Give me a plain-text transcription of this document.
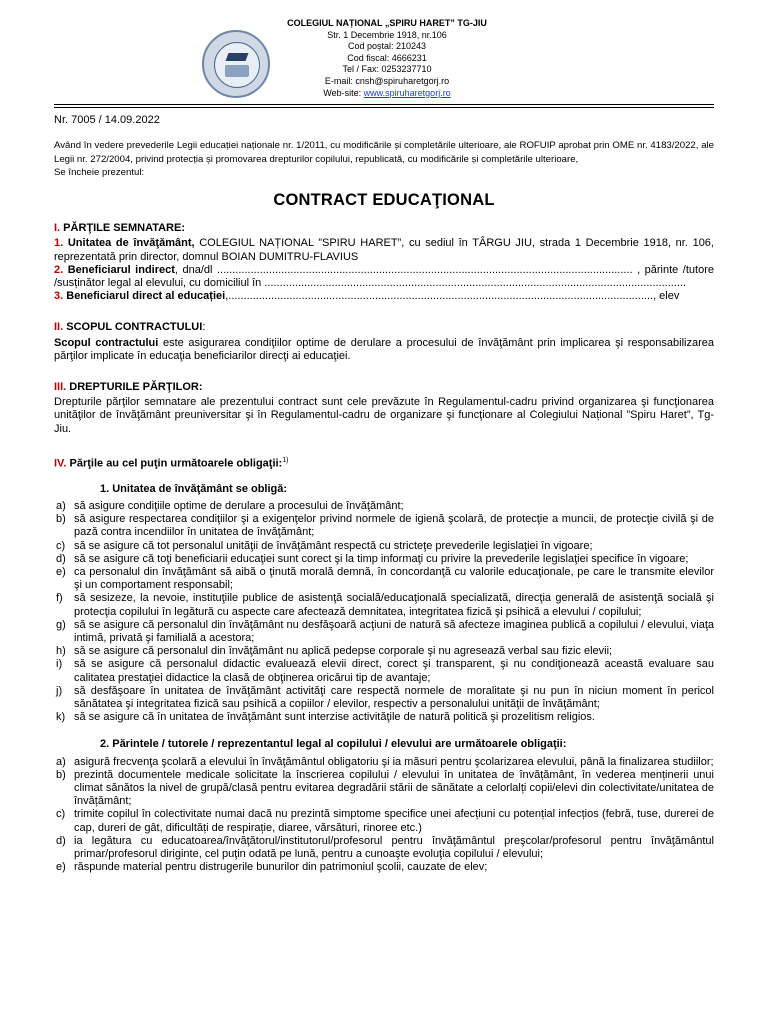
COLEGIUL NAȚIONAL „SPIRU HARET” TG-JIU
Str. 1 Decembrie 1918, nr.106
Cod poștal: 210243
Cod fiscal: 4666231
Tel / Fax: 0253237710
E-mail: cnsh@spiruharetgorj.ro
Web-site: www.spiruharetgorj.ro

Nr. 7005 / 14.09.2022

Având în vedere prevederile Legii educației naționale nr. 1/2011, cu modificările și completările ulterioare, ale ROFUIP aprobat prin OME nr. 4183/2022, ale Legii nr. 272/2004, privind protecția și promovarea drepturilor copilului, republicată, cu modificările și completările ulterioare,

Se încheie prezentul:

CONTRACT EDUCAŢIONAL
I. PĂRŢILE SEMNATARE:

1. Unitatea de învăţământ, COLEGIUL NAȚIONAL ”SPIRU HARET”, cu sediul în TÂRGU JIU, strada 1 Decembrie 1918, nr. 106, reprezentată prin director, domnul BOIAN DUMITRU-FLAVIUS

2. Beneficiarul indirect, dna/dl ........................................................................................................................................ , părinte /tutore /susținător legal al elevului, cu domiciliul în ..........................................................................................................................................

3. Beneficiarul direct al educației,..........................................................................................................................................., elev

II. SCOPUL CONTRACTULUI:

Scopul contractului este asigurarea condiţiilor optime de derulare a procesului de învăţământ prin implicarea şi responsabilizarea părţilor implicate în educaţia beneficiarilor direcţi ai educaţiei.

III. DREPTURILE PĂRŢILOR:

Drepturile părţilor semnatare ale prezentului contract sunt cele prevăzute în Regulamentul-cadru privind organizarea şi funcţionarea unităţilor de învăţământ preuniversitar şi în Regulamentul-cadru de organizare şi funcţionare al Colegiului Național ”Spiru Haret”, Tg-Jiu.

IV. Părţile au cel puţin următoarele obligaţii:$^{1)}$
1. Unitatea de învăţământ se obligă:
a) să asigure condiţiile optime de derulare a procesului de învăţământ;
b) să asigure respectarea condiţiilor şi a exigenţelor privind normele de igienă şcolară, de protecţie a muncii, de protecţie civilă şi de pază contra incendiilor în unitatea de învăţământ;
c) să se asigure că tot personalul unităţii de învăţământ respectă cu stricteţe prevederile legislaţiei în vigoare;
d) să se asigure că toţi beneficiarii educaţiei sunt corect şi la timp informaţi cu privire la prevederile legislaţiei specifice în vigoare;
e) ca personalul din învăţământ să aibă o ţinută morală demnă, în concordanţă cu valorile educaţionale, pe care le transmite elevilor şi un comportament responsabil;
f) să sesizeze, la nevoie, instituţiile publice de asistenţă socială/educaţională specializată, direcţia generală de asistenţă socială şi protecţia copilului în legătură cu aspecte care afectează demnitatea, integritatea fizică şi psihică a elevului / copilului;
g) să se asigure că personalul din învăţământ nu desfăşoară acţiuni de natură să afecteze imaginea publică a copilului / elevului, viaţa intimă, privată şi familială a acestora;
h) să se asigure că personalul din învăţământ nu aplică pedepse corporale şi nu agresează verbal sau fizic elevii;
i) să se asigure că personalul didactic evaluează elevii direct, corect şi transparent, şi nu condiţionează această evaluare sau calitatea prestaţiei didactice la clasă de obţinerea oricărui tip de avantaje;
j) să desfăşoare în unitatea de învăţământ activităţi care respectă normele de moralitate şi nu pun în niciun moment în pericol sănătatea şi integritatea fizică sau psihică a copiilor / elevilor, respectiv a personalului unităţii de învăţământ;
k) să se asigure că în unitatea de învăţământ sunt interzise activităţile de natură politică şi prozelitism religios.
2. Părintele / tutorele / reprezentantul legal al copilului / elevului are următoarele obligaţii:
a) asigură frecvenţa şcolară a elevului în învăţământul obligatoriu şi ia măsuri pentru şcolarizarea elevului, până la finalizarea studiilor;
b) prezintă documentele medicale solicitate la înscrierea copilului / elevului în unitatea de învățământ, în vederea menținerii unui climat sănătos la nivel de grupă/clasă pentru evitarea degradării stării de sănătate a celorlalți copii/elevi din colectivitate/unitatea de învățământ;
c) trimite copilul în colectivitate numai dacă nu prezintă simptome specifice unei afecțiuni cu potențial infecțios (febră, tuse, durerei de cap, dureri de gât, dificultăți de respirație, diaree, vărsături, rinoree etc.)
d) ia legătura cu educatoarea/învăţătorul/institutorul/profesorul pentru învăţământul preşcolar/profesorul pentru învăţământul primar/profesorul diriginte, cel puţin odată pe lună, pentru a cunoaşte evoluţia copilului / elevului;
e) răspunde material pentru distrugerile bunurilor din patrimoniul şcolii, cauzate de elev;
